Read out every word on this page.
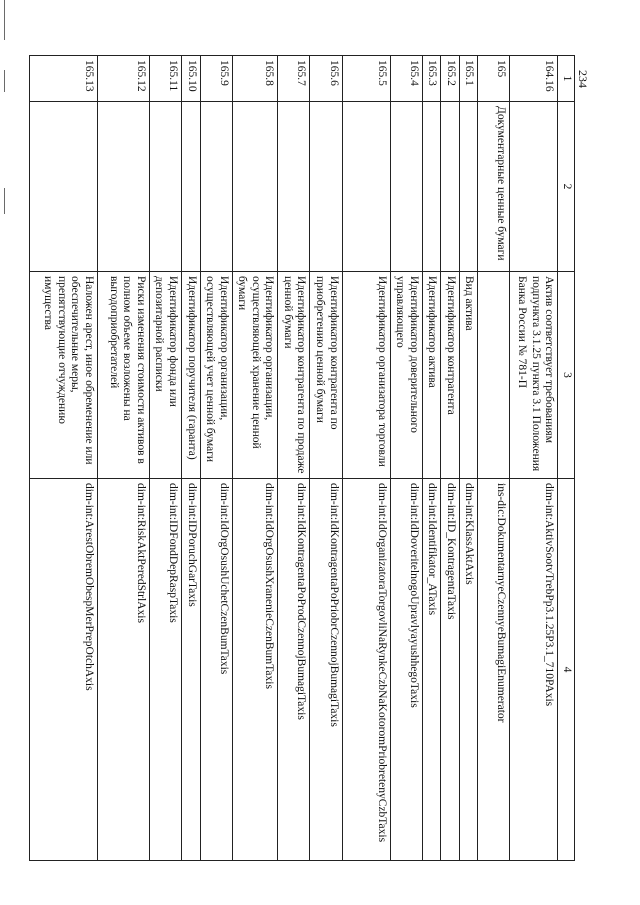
1	2	3	4
164.16		Актив соответствует требованиям подпункта 3.1.25 пункта 3.1 Положения Банка России № 781-П	dim-int:AktivSootvTrebPp3.1.25P3.1_710PAxis
165	Документарные ценные бумаги		ins-dic:DokumentarnyeCzennyeBumagiEnumerator
165.1		Вид актива	dim-int:KlassAktAxis
165.2		Идентификатор контрагента	dim-int:ID_KontragentaTaxis
165.3		Идентификатор актива	dim-int:Identifikator_ATaxis
165.4		Идентификатор доверительного управляющего	dim-int:IdDoveritelnogoUpravlyayushhegoTaxis
165.5		Идентификатор организатора торговли	dim-int:IdOrganizatoraTorgovliNaRynkeCzbNaKotoromPriobretenyCzbTaxis
165.6		Идентификатор контрагента по приобретению ценной бумаги	dim-int:IdKontragentaPoPriobrCzennojBumagiTaxis
165.7		Идентификатор контрагента по продаже ценной бумаги	dim-int:IdKontragentaPoProdCzennojBumagiTaxis
165.8		Идентификатор организации, осуществляющей хранение ценной бумаги	dim-int:IdOrgOsushXranenieCzenBumTaxis
165.9		Идентификатор организации, осуществляющей учет ценной бумаги	dim-int:IdOrgOsushUchetCzenBumTaxis
165.10		Идентификатор поручителя (гаранта)	dim-int:IDPoruchGarTaxis
165.11		Идентификатор фонда или депозитарной расписки	dim-int:IDFondDepRaspTaxis
165.12		Риски изменения стоимости активов в полном объеме возложены на выгодоприобретателей	dim-int:RiskAktPeredStrlAxis
165.13		Наложен арест, иное обременение или обеспечительные меры, препятствующие отчуждению имущества	dim-int:ArestObremObespMerPrepOtchAxis
234
